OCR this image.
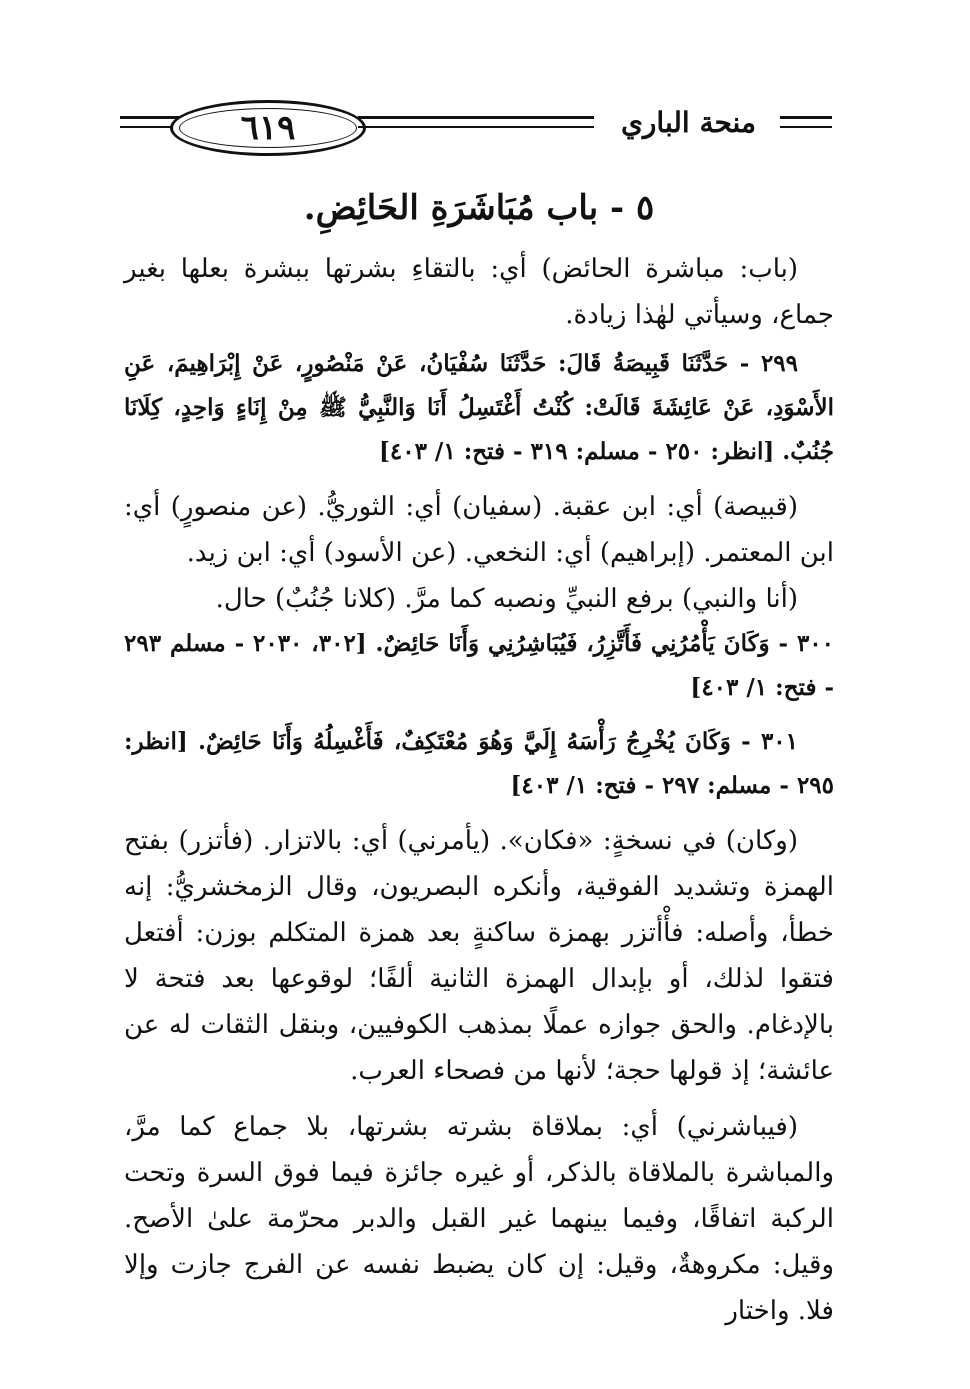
٦١٩	منحة الباري
٥ - باب مُبَاشَرَةِ الحَائِضِ.

(باب: مباشرة الحائض) أي: بالتقاءِ بشرتها ببشرة بعلها بغير جماع، وسيأتي لهٰذا زيادة.

٢٩٩ - حَدَّثَنَا قَبِيصَةُ قَالَ: حَدَّثَنَا سُفْيَانُ، عَنْ مَنْصُورٍ، عَنْ إِبْرَاهِيمَ، عَنِ الأَسْوَدِ، عَنْ عَائِشَةَ قَالَتْ: كُنْتُ أَغْتَسِلُ أَنَا وَالنَّبِيُّ ﷺ مِنْ إِنَاءٍ وَاحِدٍ، كِلَانَا جُنُبٌ. [انظر: ٢٥٠ - مسلم: ٣١٩ - فتح: ١/ ٤٠٣]

(قبيصة) أي: ابن عقبة. (سفيان) أي: الثوريُّ. (عن منصورٍ) أي: ابن المعتمر. (إبراهيم) أي: النخعي. (عن الأسود) أي: ابن زيد.

(أنا والنبي) برفع النبيِّ ونصبه كما مرَّ. (كلانا جُنُبٌ) حال.

٣٠٠ - وَكَانَ يَأْمُرُنِي فَأَتَّزِرُ، فَيُبَاشِرُنِي وَأَنَا حَائِضٌ. [٣٠٢، ٢٠٣٠ - مسلم ٢٩٣ - فتح: ١/ ٤٠٣]

٣٠١ - وَكَانَ يُخْرِجُ رَأْسَهُ إِلَيَّ وَهُوَ مُعْتَكِفٌ، فَأَغْسِلُهُ وَأَنَا حَائِضٌ. [انظر: ٢٩٥ - مسلم: ٢٩٧ - فتح: ١/ ٤٠٣]

(وكان) في نسخةٍ: «فكان». (يأمرني) أي: بالاتزار. (فأتزر) بفتح الهمزة وتشديد الفوقية، وأنكره البصريون، وقال الزمخشريُّ: إنه خطأ، وأصله: فأْأتزر بهمزة ساكنةٍ بعد همزة المتكلم بوزن: أفتعل فتقوا لذلك، أو بإبدال الهمزة الثانية ألفًا؛ لوقوعها بعد فتحة لا بالإدغام. والحق جوازه عملًا بمذهب الكوفيين، وبنقل الثقات له عن عائشة؛ إذ قولها حجة؛ لأنها من فصحاء العرب.

(فيباشرني) أي: بملاقاة بشرته بشرتها، بلا جماع كما مرَّ، والمباشرة بالملاقاة بالذكر، أو غيره جائزة فيما فوق السرة وتحت الركبة اتفاقًا، وفيما بينهما غير القبل والدبر محرّمة علىٰ الأصح. وقيل: مكروهةٌ، وقيل: إن كان يضبط نفسه عن الفرج جازت وإلا فلا. واختار
